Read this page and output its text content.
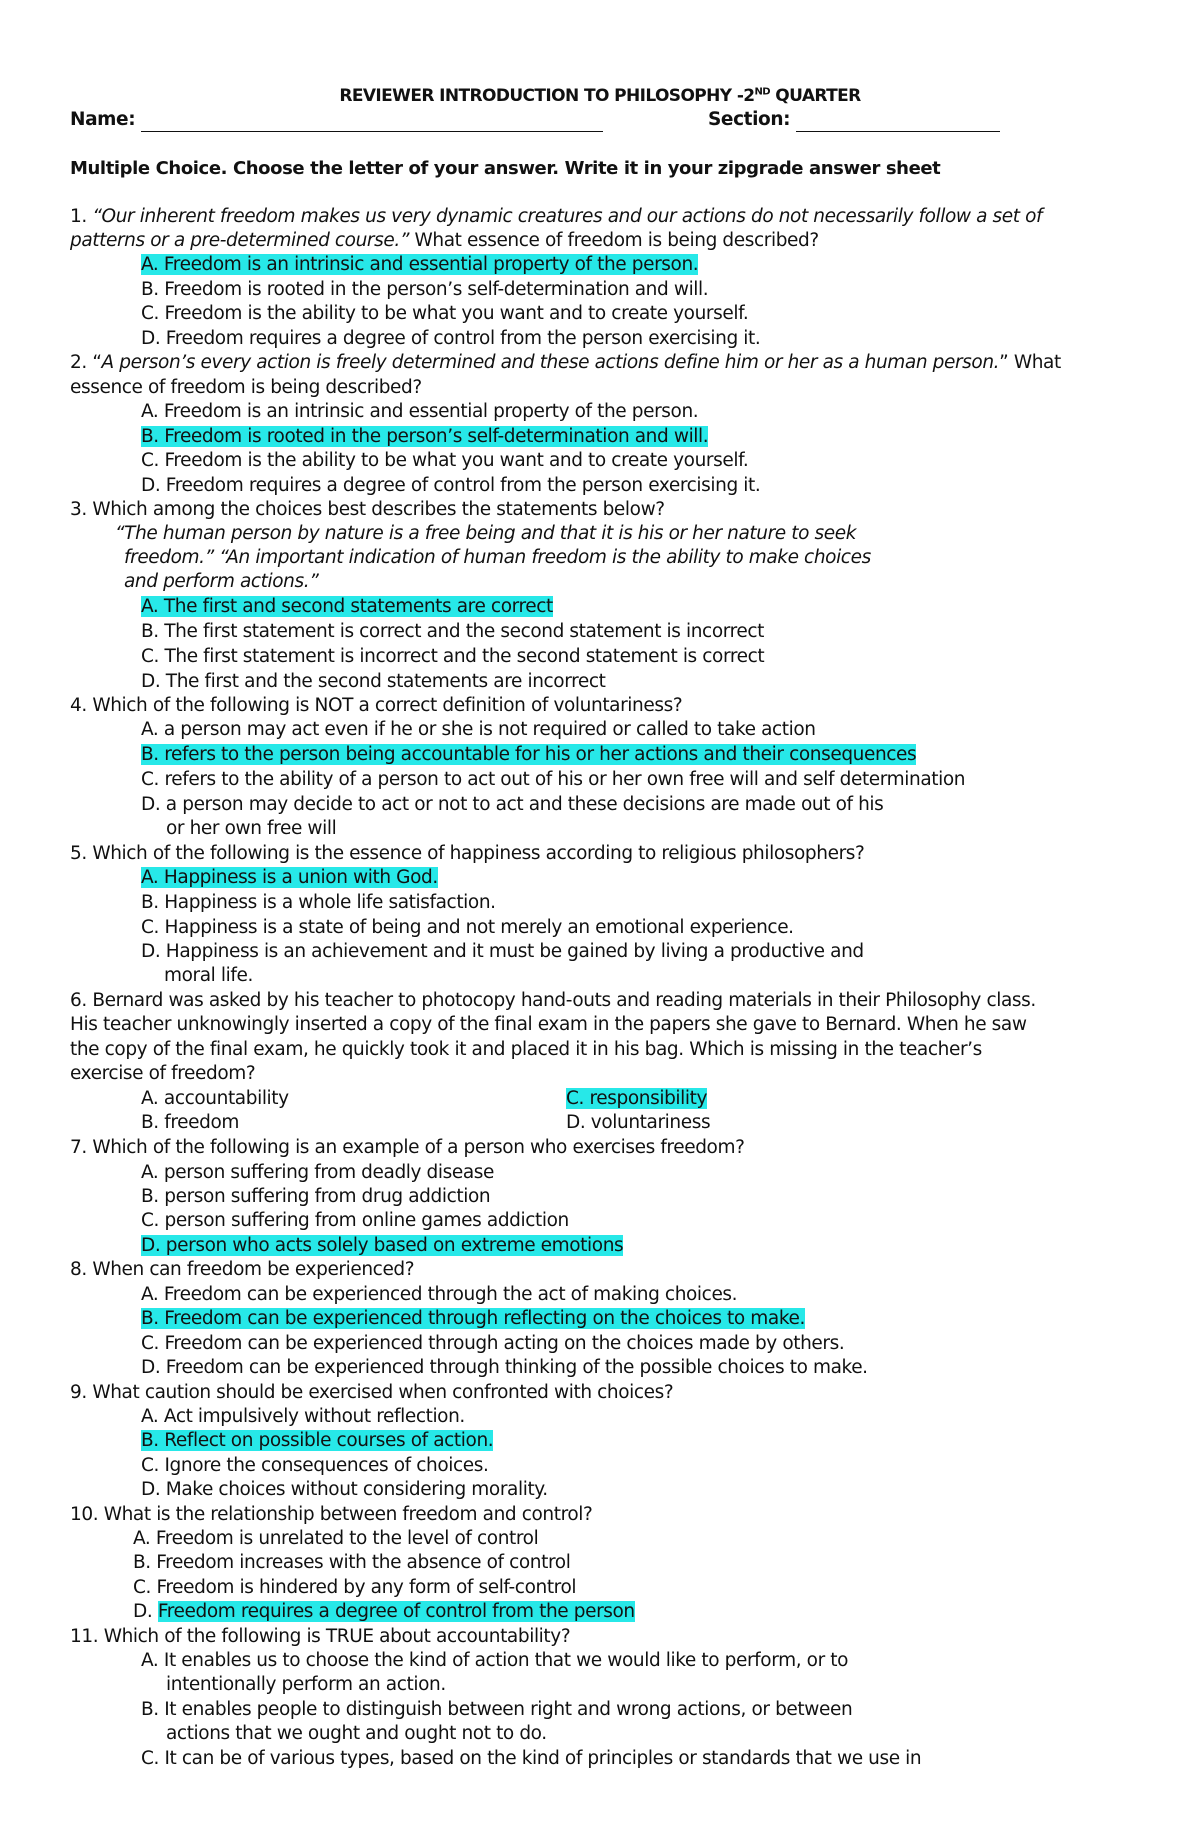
REVIEWER INTRODUCTION TO PHILOSOPHY -2ND QUARTER
Name:	Section:
Multiple Choice. Choose the letter of your answer. Write it in your zipgrade answer sheet
1. “Our inherent freedom makes us very dynamic creatures and our actions do not necessarily follow a set of
patterns or a pre-determined course.” What essence of freedom is being described?
A. Freedom is an intrinsic and essential property of the person.
B. Freedom is rooted in the person’s self-determination and will.
C. Freedom is the ability to be what you want and to create yourself.
D. Freedom requires a degree of control from the person exercising it.
2. “A person’s every action is freely determined and these actions define him or her as a human person.” What
essence of freedom is being described?
A. Freedom is an intrinsic and essential property of the person.
B. Freedom is rooted in the person’s self-determination and will.
C. Freedom is the ability to be what you want and to create yourself.
D. Freedom requires a degree of control from the person exercising it.
3. Which among the choices best describes the statements below?
“The human person by nature is a free being and that it is his or her nature to seek
freedom.” “An important indication of human freedom is the ability to make choices
and perform actions.”
A. The first and second statements are correct
B. The first statement is correct and the second statement is incorrect
C. The first statement is incorrect and the second statement is correct
D. The first and the second statements are incorrect
4. Which of the following is NOT a correct definition of voluntariness?
A. a person may act even if he or she is not required or called to take action
B. refers to the person being accountable for his or her actions and their consequences
C. refers to the ability of a person to act out of his or her own free will and self determination
D. a person may decide to act or not to act and these decisions are made out of his
or her own free will
5. Which of the following is the essence of happiness according to religious philosophers?
A. Happiness is a union with God.
B. Happiness is a whole life satisfaction.
C. Happiness is a state of being and not merely an emotional experience.
D. Happiness is an achievement and it must be gained by living a productive and
moral life.
6. Bernard was asked by his teacher to photocopy hand-outs and reading materials in their Philosophy class.
His teacher unknowingly inserted a copy of the final exam in the papers she gave to Bernard. When he saw
the copy of the final exam, he quickly took it and placed it in his bag. Which is missing in the teacher’s
exercise of freedom?
A. accountability	C. responsibility
B. freedom	D. voluntariness
7. Which of the following is an example of a person who exercises freedom?
A. person suffering from deadly disease
B. person suffering from drug addiction
C. person suffering from online games addiction
D. person who acts solely based on extreme emotions
8. When can freedom be experienced?
A. Freedom can be experienced through the act of making choices.
B. Freedom can be experienced through reflecting on the choices to make.
C. Freedom can be experienced through acting on the choices made by others.
D. Freedom can be experienced through thinking of the possible choices to make.
9. What caution should be exercised when confronted with choices?
A. Act impulsively without reflection.
B. Reflect on possible courses of action.
C. Ignore the consequences of choices.
D. Make choices without considering morality.
10. What is the relationship between freedom and control?
A. Freedom is unrelated to the level of control
B. Freedom increases with the absence of control
C. Freedom is hindered by any form of self-control
D. Freedom requires a degree of control from the person
11. Which of the following is TRUE about accountability?
A. It enables us to choose the kind of action that we would like to perform, or to
intentionally perform an action.
B. It enables people to distinguish between right and wrong actions, or between
actions that we ought and ought not to do.
C. It can be of various types, based on the kind of principles or standards that we use in
